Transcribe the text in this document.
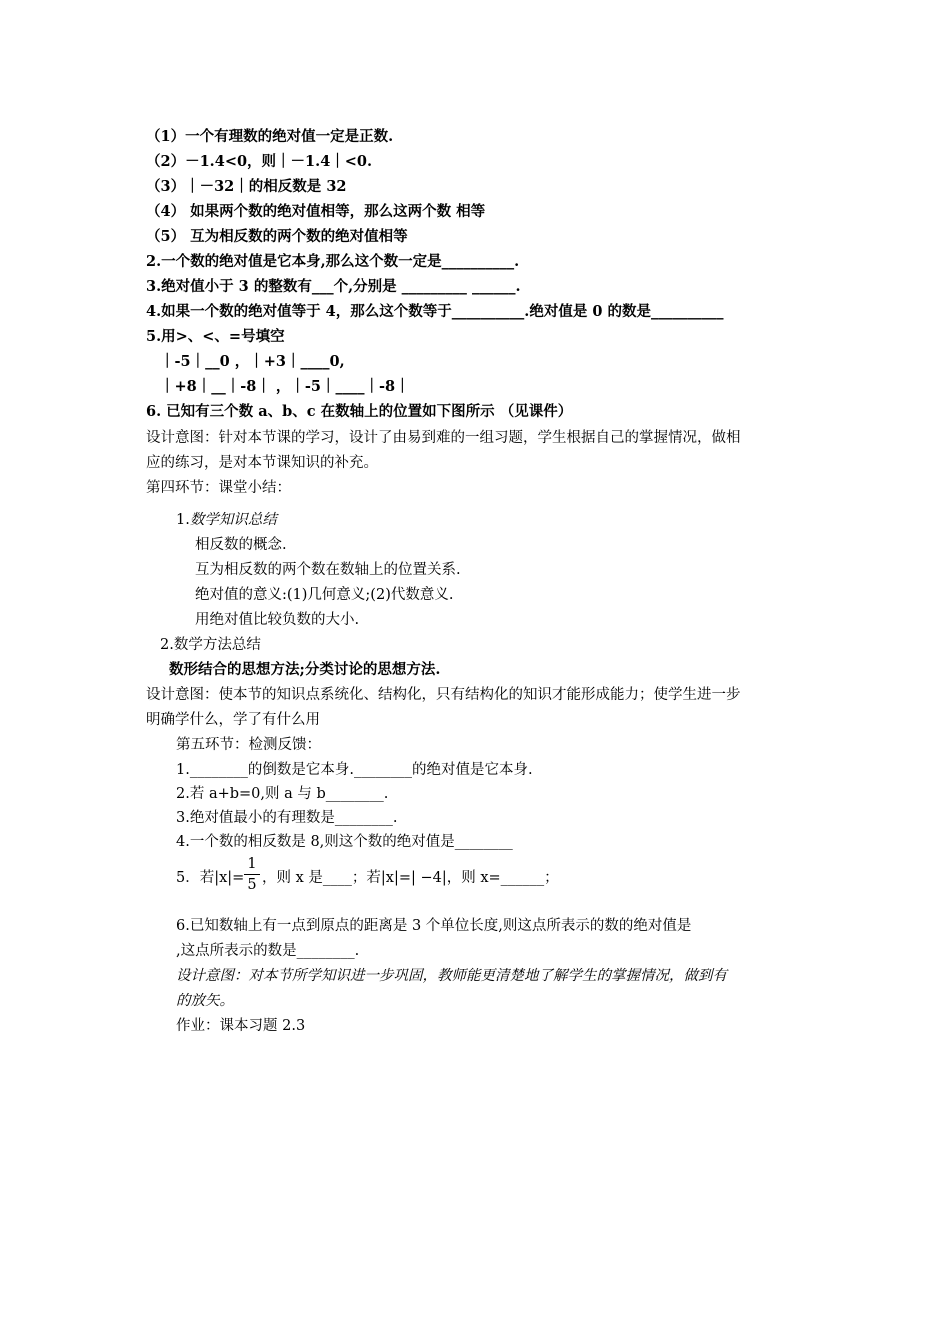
（1）一个有理数的绝对值一定是正数.
（2）－1.4<0，则｜－1.4｜<0.
（3）｜－32｜的相反数是 32
（4） 如果两个数的绝对值相等，那么这两个数 相等
（5） 互为相反数的两个数的绝对值相等
2.一个数的绝对值是它本身,那么这个数一定是__________.
3.绝对值小于 3 的整数有___个,分别是 _________ ______.
4.如果一个数的绝对值等于 4，那么这个数等于__________.绝对值是 0 的数是__________
5.用>、<、=号填空
｜-5｜__0 ，｜+3｜____0,
｜+8｜__｜-8｜ ，｜-5｜____｜-8｜
6. 已知有三个数 a、b、c 在数轴上的位置如下图所示 （见课件）
设计意图：针对本节课的学习，设计了由易到难的一组习题，学生根据自己的掌握情况，做相
应的练习，是对本节课知识的补充。
第四环节：课堂小结：
1.数学知识总结
相反数的概念.
互为相反数的两个数在数轴上的位置关系.
绝对值的意义:(1)几何意义;(2)代数意义.
用绝对值比较负数的大小.
2.数学方法总结
数形结合的思想方法;分类讨论的思想方法.
设计意图：使本节的知识点系统化、结构化，只有结构化的知识才能形成能力；使学生进一步
明确学什么，学了有什么用
第五环节：检测反馈：
1.________的倒数是它本身.________的绝对值是它本身.
2.若 a+b=0,则 a 与 b________.
3.绝对值最小的有理数是________.
4.一个数的相反数是 8,则这个数的绝对值是________
5．若$|x|= \frac{1}{5}$ ，则 x 是____；若|x|=| −4|，则 x=______；
6.已知数轴上有一点到原点的距离是 3 个单位长度,则这点所表示的数的绝对值是
,这点所表示的数是________.
设计意图：对本节所学知识进一步巩固，教师能更清楚地了解学生的掌握情况，做到有
的放矢。
作业：课本习题 2.3
